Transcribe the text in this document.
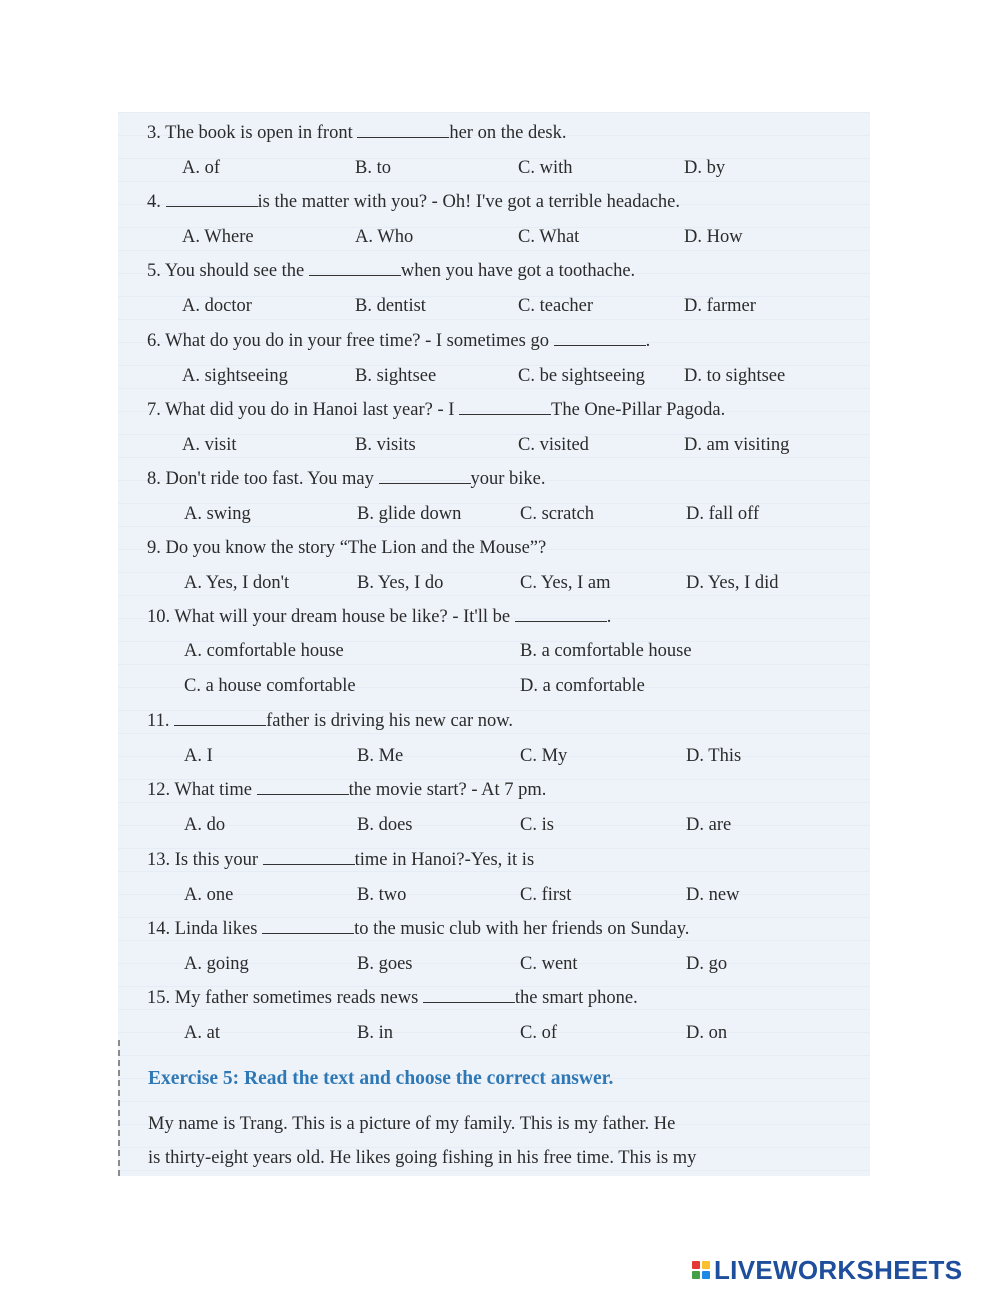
3. The book is open in front	her on the desk.
A. of	B. to	C. with	D. by
4.	is the matter with you? - Oh! I've got a terrible headache.
A. Where	A. Who	C. What	D. How
5. You should see the	when you have got a toothache.
A. doctor	B. dentist	C. teacher	D. farmer
6. What do you do in your free time? - I sometimes go	.
A. sightseeing	B. sightsee	C. be sightseeing D. to sightsee
7. What did you do in Hanoi last year? - I	The One-Pillar Pagoda.
A. visit	B. visits	C. visited	D. am visiting
8. Don't ride too fast. You may	your bike.
A. swing	B. glide down	C. scratch	D. fall off
9. Do you know the story “The Lion and the Mouse”?
A. Yes, I don't	B. Yes, I do	C. Yes, I am	D. Yes, I did
10. What will your dream house be like? - It'll be	.
A. comfortable house	B. a comfortable house
C. a house comfortable	D. a comfortable
11.	father is driving his new car now.
A. I	B. Me	C. My	D. This
12. What time	the movie start? - At 7 pm.
A. do	B. does	C. is	D. are
13. Is this your	time in Hanoi?-Yes, it is
A. one	B. two	C. first	D. new
14. Linda likes	to the music club with her friends on Sunday.
A. going	B. goes	C. went	D. go
15. My father sometimes reads news	the smart phone.
A. at	B. in	C. of	D. on
Exercise 5: Read the text and choose the correct answer.
My name is Trang. This is a picture of my family. This is my father. He
is thirty-eight years old. He likes going fishing in his free time. This is my
LIVEWORKSHEETS
